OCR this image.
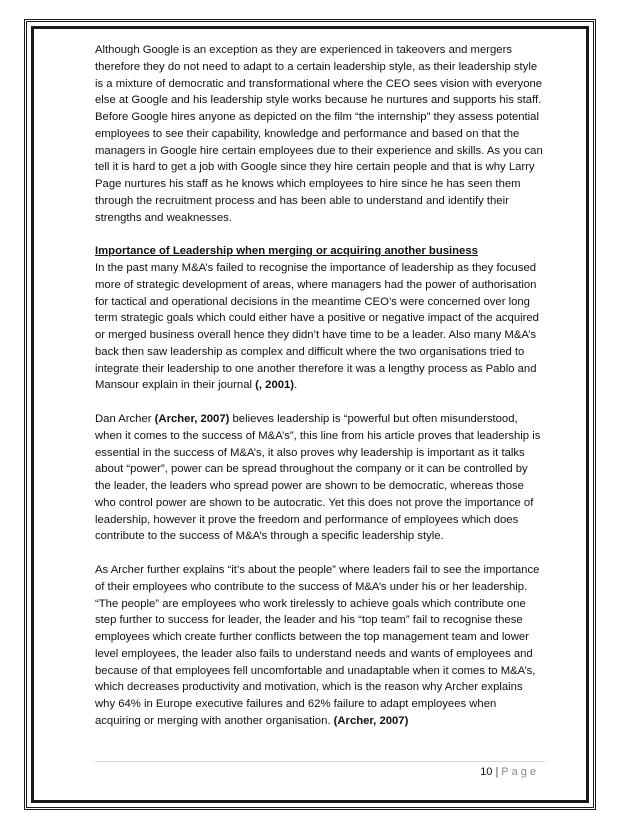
Although Google is an exception as they are experienced in takeovers and mergers therefore they do not need to adapt to a certain leadership style, as their leadership style is a mixture of democratic and transformational where the CEO sees vision with everyone else at Google and his leadership style works because he nurtures and supports his staff. Before Google hires anyone as depicted on the film “the internship” they assess potential employees to see their capability, knowledge and performance and based on that the managers in Google hire certain employees due to their experience and skills. As you can tell it is hard to get a job with Google since they hire certain people and that is why Larry Page nurtures his staff as he knows which employees to hire since he has seen them through the recruitment process and has been able to understand and identify their strengths and weaknesses.

Importance of Leadership when merging or acquiring another business

In the past many M&A’s failed to recognise the importance of leadership as they focused more of strategic development of areas, where managers had the power of authorisation for tactical and operational decisions in the meantime CEO’s were concerned over long term strategic goals which could either have a positive or negative impact of the acquired or merged business overall hence they didn’t have time to be a leader. Also many M&A’s back then saw leadership as complex and difficult where the two organisations tried to integrate their leadership to one another therefore it was a lengthy process as Pablo and Mansour explain in their journal (, 2001).

Dan Archer (Archer, 2007) believes leadership is “powerful but often misunderstood, when it comes to the success of M&A’s”, this line from his article proves that leadership is essential in the success of M&A’s, it also proves why leadership is important as it talks about “power”, power can be spread throughout the company or it can be controlled by the leader, the leaders who spread power are shown to be democratic, whereas those who control power are shown to be autocratic. Yet this does not prove the importance of leadership, however it prove the freedom and performance of employees which does contribute to the success of M&A’s through a specific leadership style.

As Archer further explains “it’s about the people” where leaders fail to see the importance of their employees who contribute to the success of M&A’s under his or her leadership. “The people” are employees who work tirelessly to achieve goals which contribute one step further to success for leader, the leader and his “top team” fail to recognise these employees which create further conflicts between the top management team and lower level employees, the leader also fails to understand needs and wants of employees and because of that employees fell uncomfortable and unadaptable when it comes to M&A’s, which decreases productivity and motivation, which is the reason why Archer explains why 64% in Europe executive failures and 62% failure to adapt employees when acquiring or merging with another organisation. (Archer, 2007)

10 | Page
